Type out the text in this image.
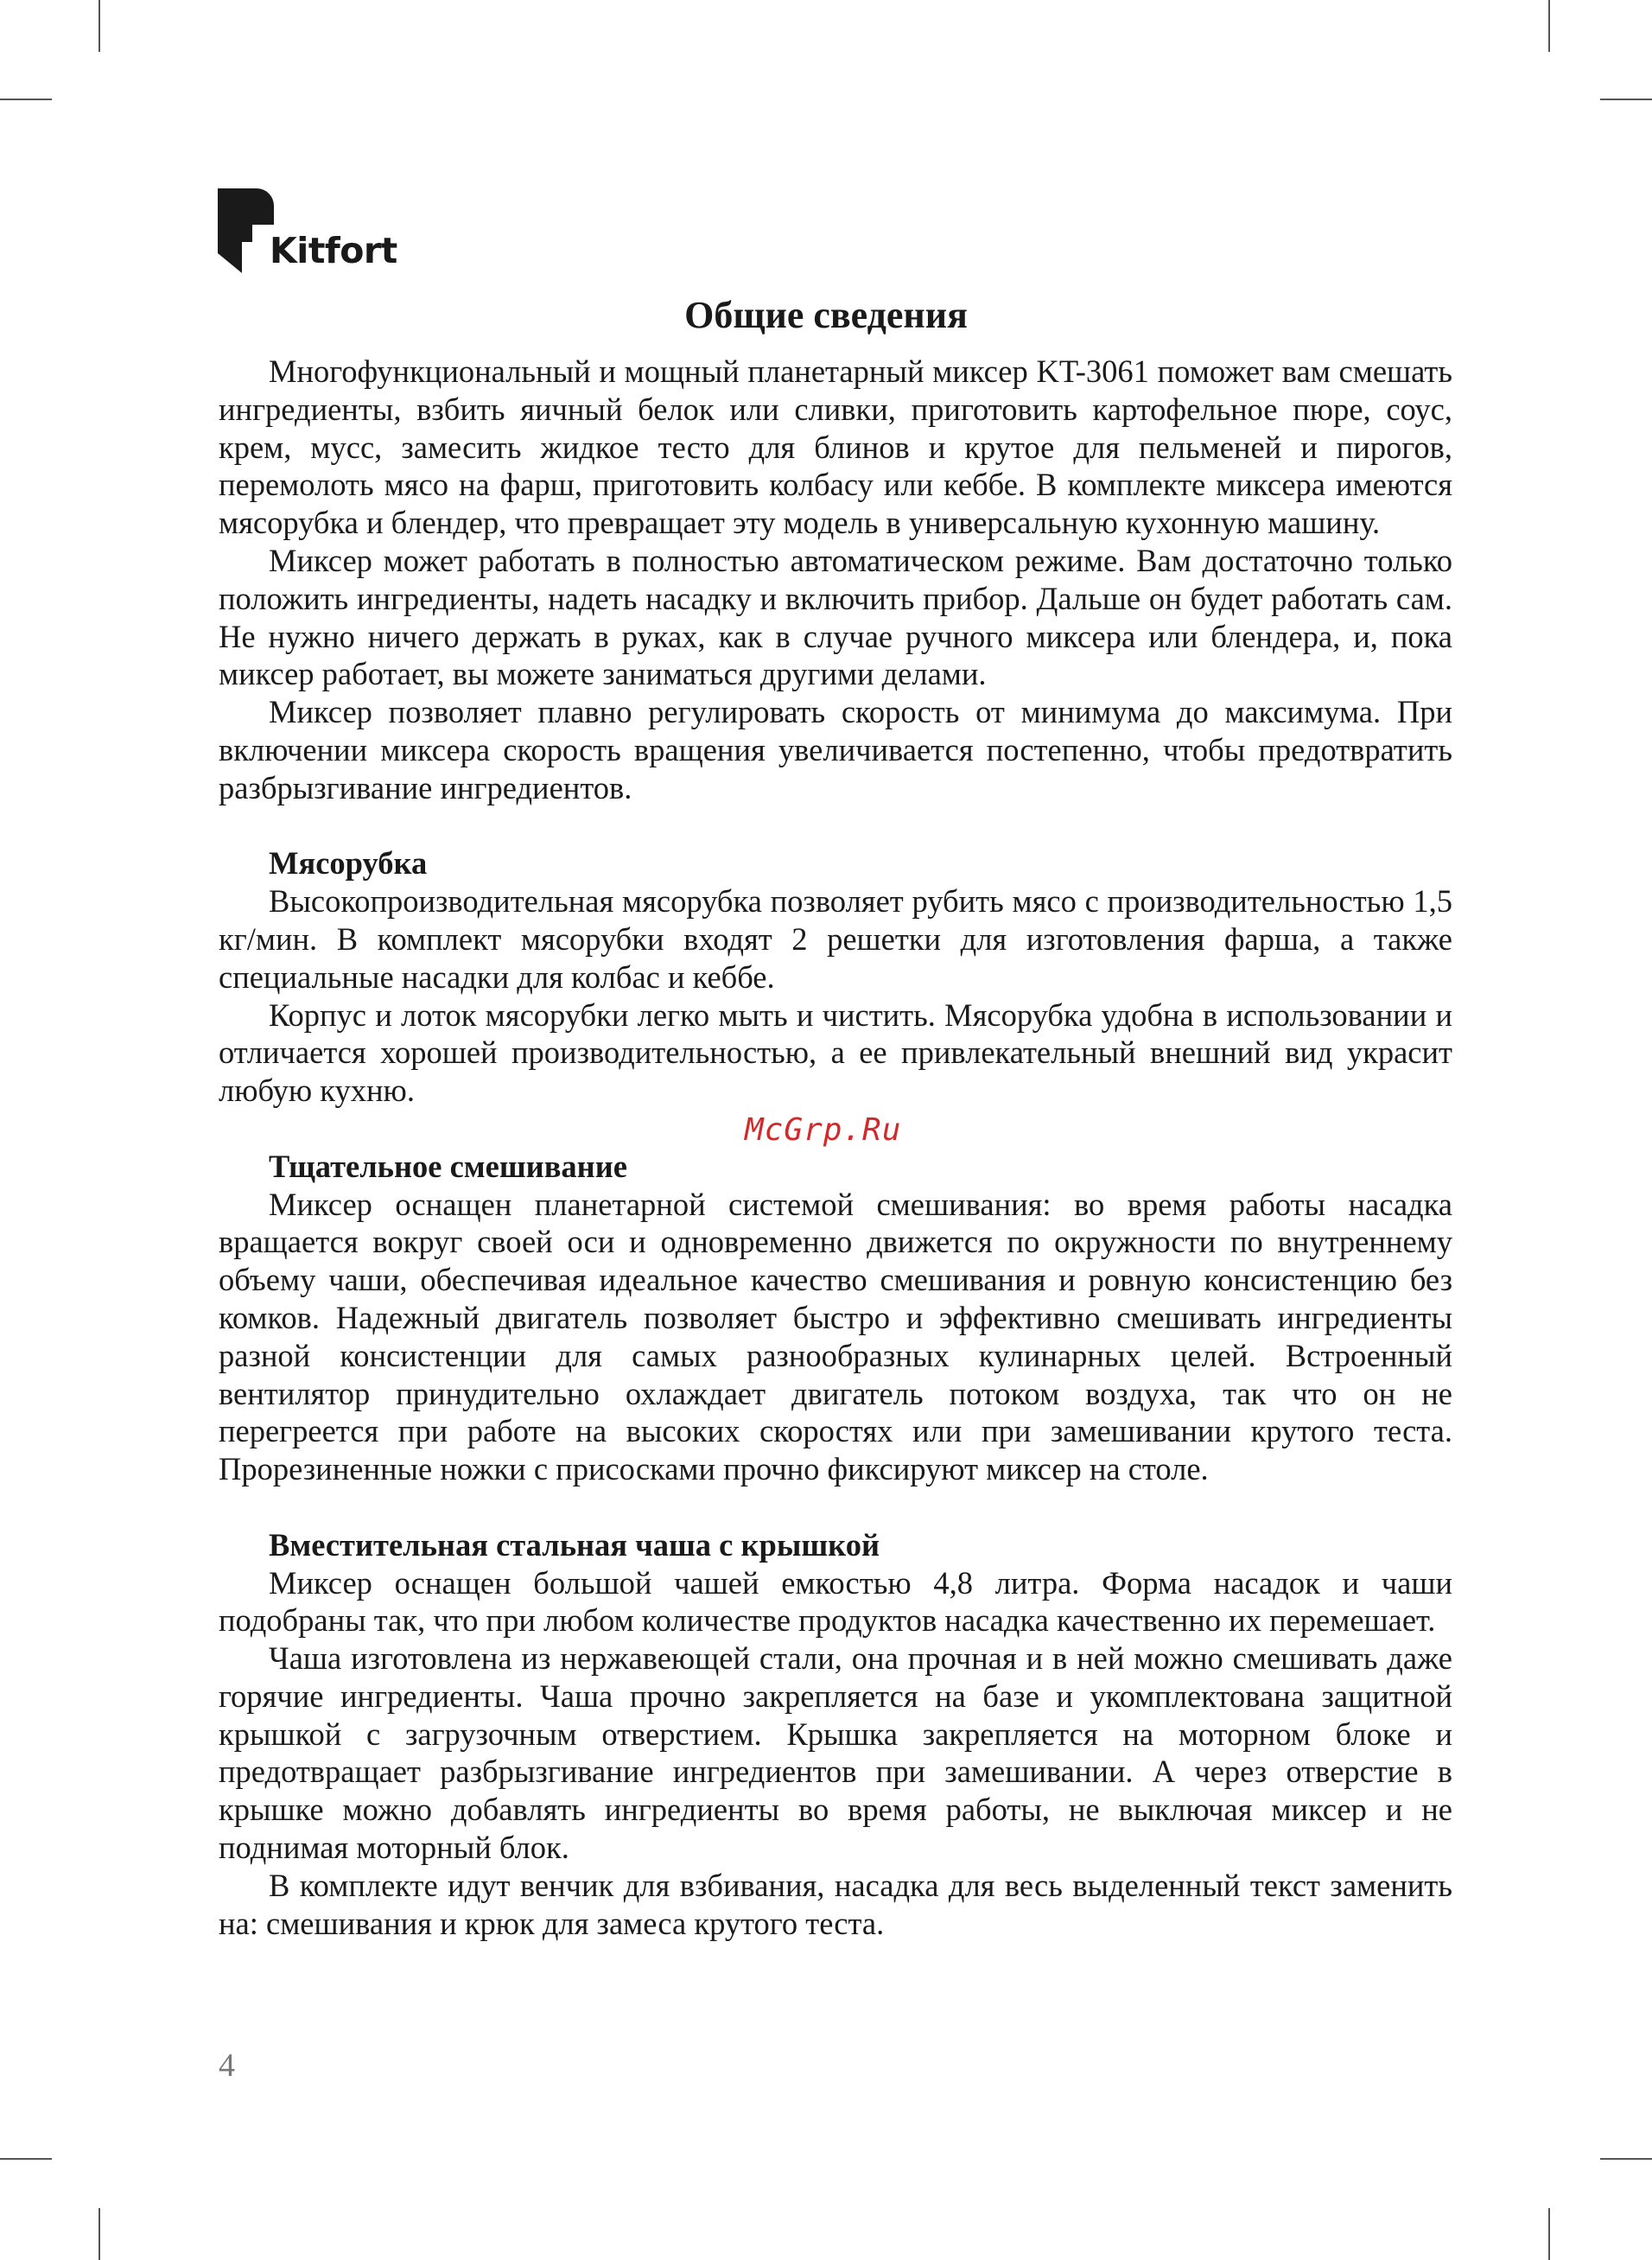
Kitfort
Общие сведения

Многофункциональный и мощный планетарный миксер KT-3061 поможет вам смешать ингредиенты, взбить яичный белок или сливки, приготовить картофельное пюре, соус, крем, мусс, замесить жидкое тесто для блинов и крутое для пельменей и пирогов, перемолоть мясо на фарш, приготовить колбасу или кеббе. В комплекте миксера имеются мясорубка и блендер, что превращает эту модель в универсальную кухонную машину.

Миксер может работать в полностью автоматическом режиме. Вам достаточно только положить ингредиенты, надеть насадку и включить прибор. Дальше он будет работать сам. Не нужно ничего держать в руках, как в случае ручного миксера или блендера, и, пока миксер работает, вы можете заниматься другими делами.

Миксер позволяет плавно регулировать скорость от минимума до максимума. При включении миксера скорость вращения увеличивается постепенно, чтобы предотвратить разбрызгивание ингредиентов.

Мясорубка

Высокопроизводительная мясорубка позволяет рубить мясо с производительностью 1,5 кг/мин. В комплект мясорубки входят 2 решетки для изготовления фарша, а также специальные насадки для колбас и кеббе.

Корпус и лоток мясорубки легко мыть и чистить. Мясорубка удобна в использовании и отличается хорошей производительностью, а ее привлекательный внешний вид украсит любую кухню.

Тщательное смешивание

Миксер оснащен планетарной системой смешивания: во время работы насадка вращается вокруг своей оси и одновременно движется по окружности по внутреннему объему чаши, обеспечивая идеальное качество смешивания и ровную консистенцию без комков. Надежный двигатель позволяет быстро и эффективно смешивать ингредиенты разной консистенции для самых разнообразных кулинарных целей. Встроенный вентилятор принудительно охлаждает двигатель потоком воздуха, так что он не перегреется при работе на высоких скоростях или при замешивании крутого теста. Прорезиненные ножки с присосками прочно фиксируют миксер на столе.

Вместительная стальная чаша с крышкой

Миксер оснащен большой чашей емкостью 4,8 литра. Форма насадок и чаши подобраны так, что при любом количестве продуктов насадка качественно их перемешает.

Чаша изготовлена из нержавеющей стали, она прочная и в ней можно смешивать даже горячие ингредиенты. Чаша прочно закрепляется на базе и укомплектована защитной крышкой с загрузочным отверстием. Крышка закрепляется на моторном блоке и предотвращает разбрызгивание ингредиентов при замешивании. А через отверстие в крышке можно добавлять ингредиенты во время работы, не выключая миксер и не поднимая моторный блок.

В комплекте идут венчик для взбивания, насадка для весь выделенный текст заменить на: смешивания и крюк для замеса крутого теста.

McGrp.Ru
4
